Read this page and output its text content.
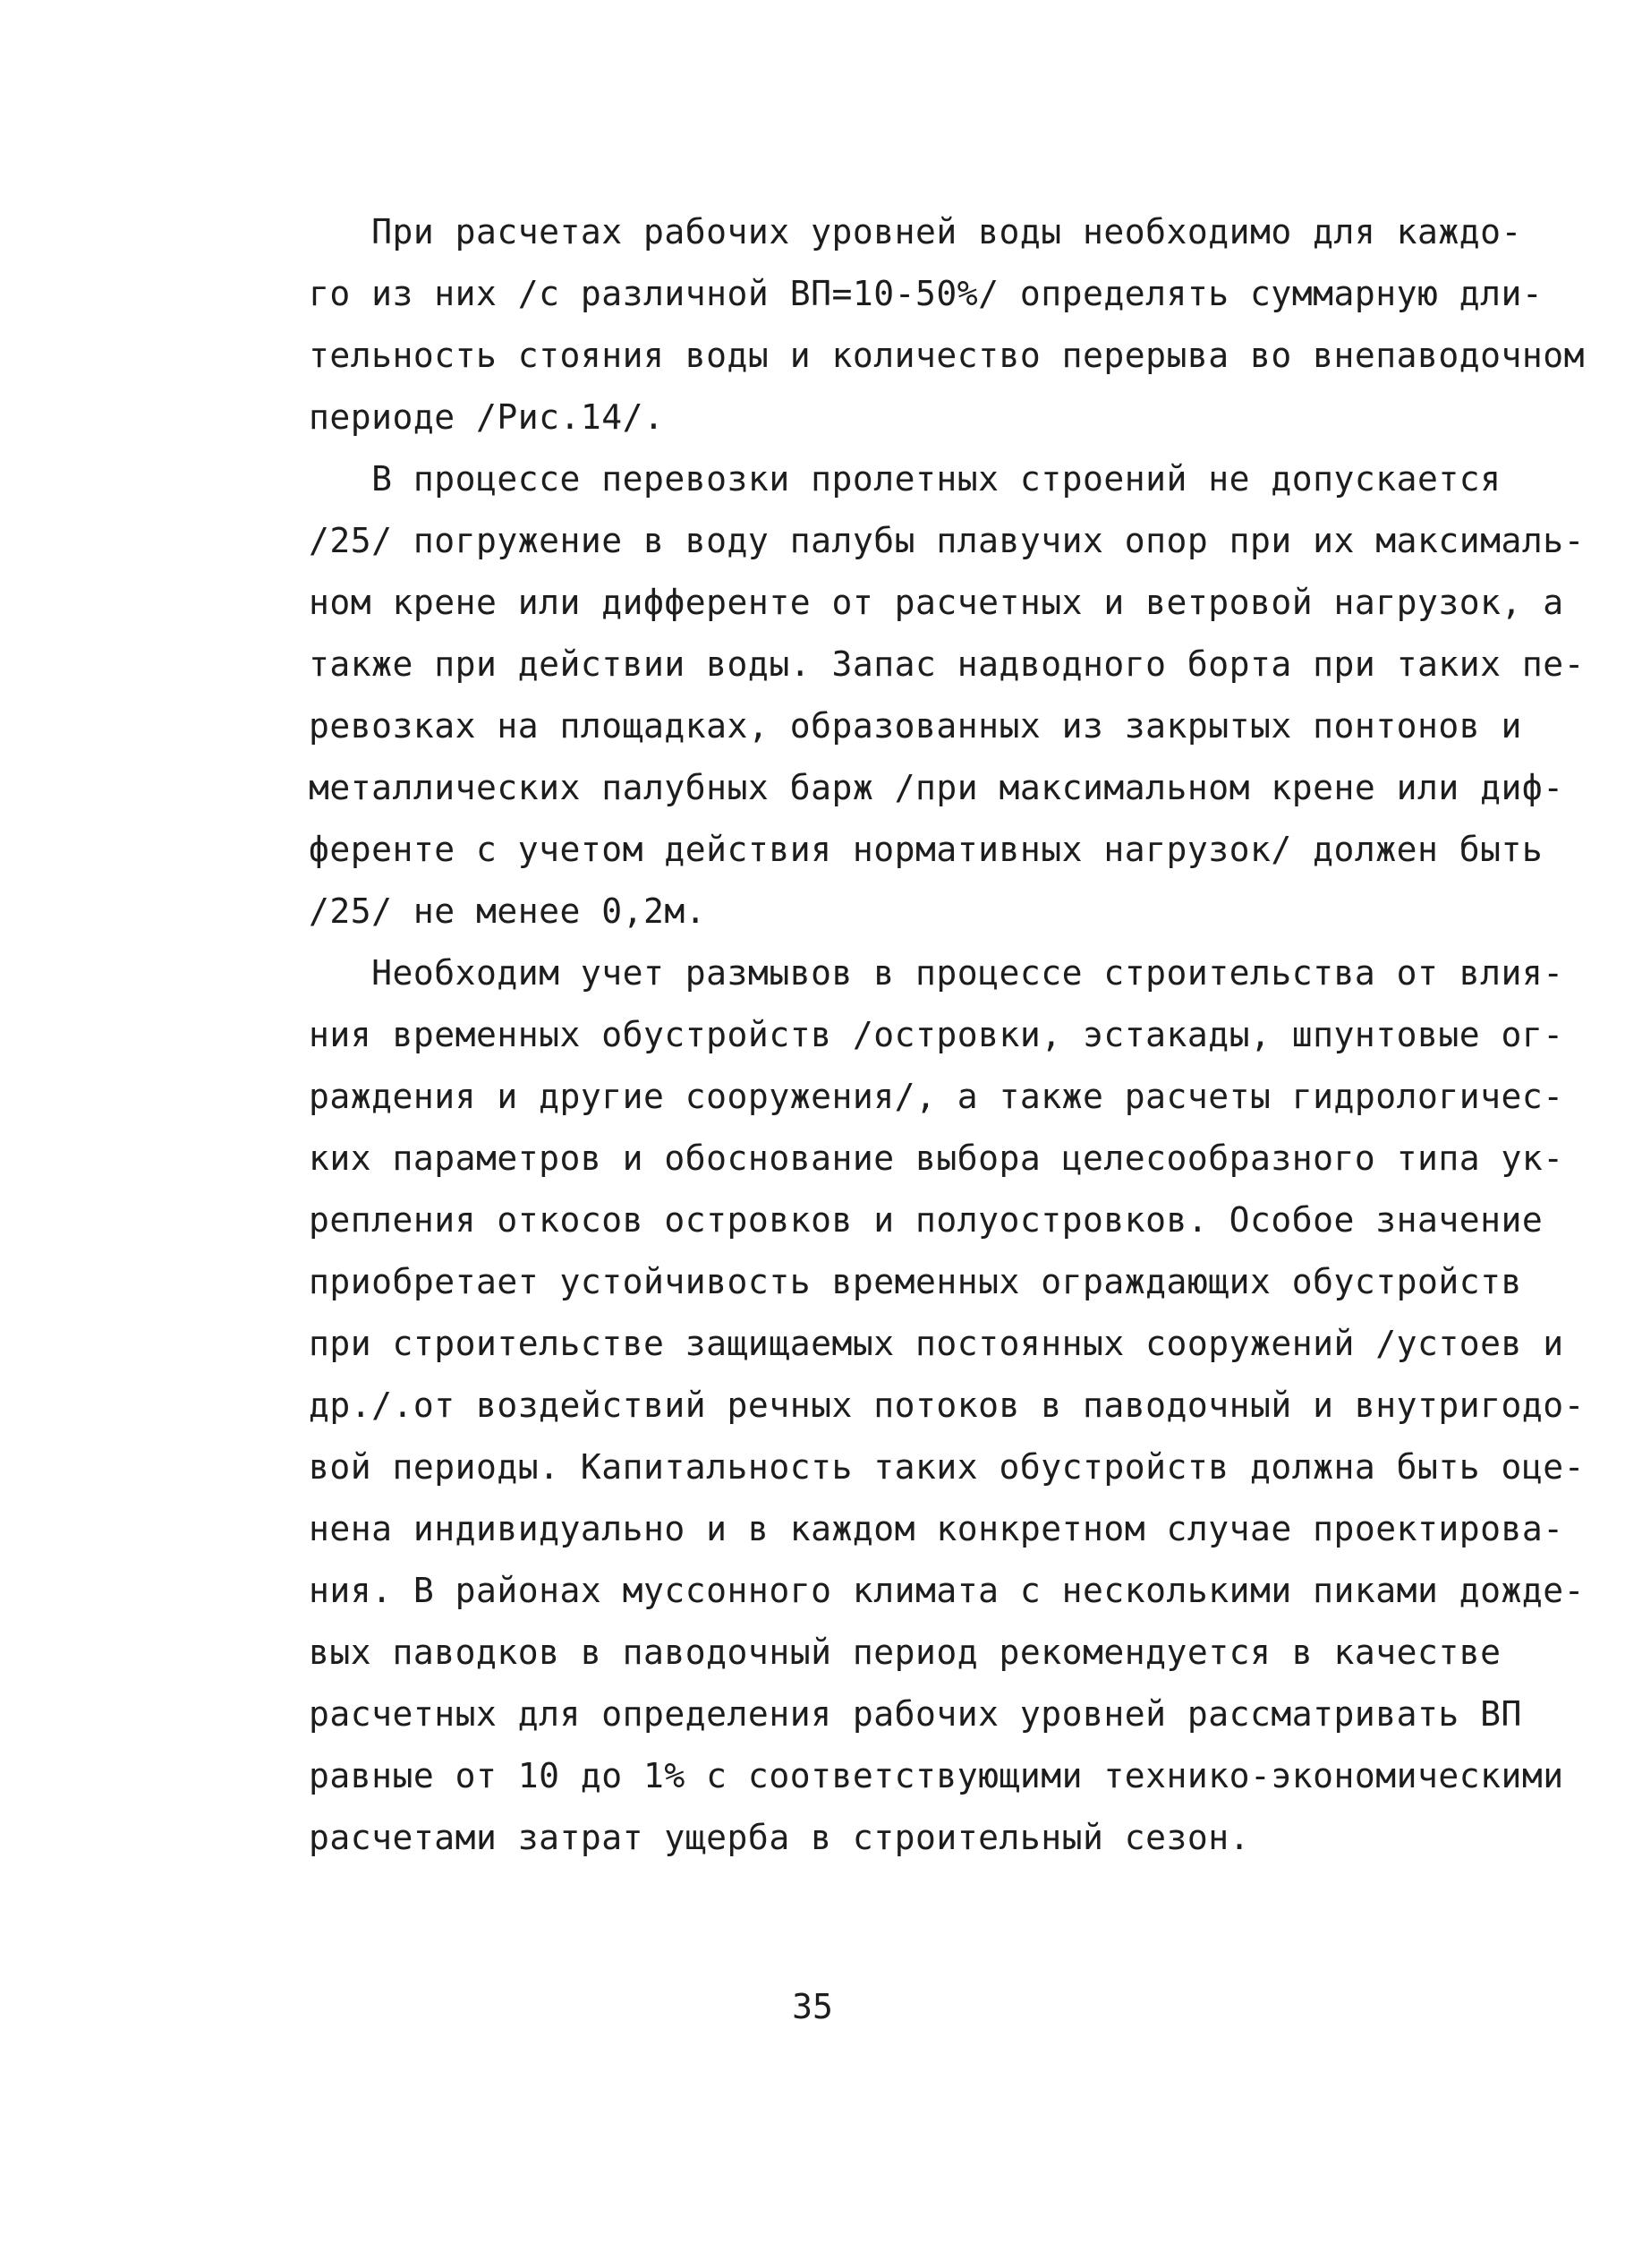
При расчетах рабочих уровней воды необходимо для каждо-
го из них /с различной ВП=10-50%/ определять суммарную дли-
тельность стояния воды и количество перерыва во внепаводочном
периоде /Рис.14/.
В процессе перевозки пролетных строений не допускается
/25/ погружение в воду палубы плавучих опор при их максималь-
ном крене или дифференте от расчетных и ветровой нагрузок, а
также при действии воды. Запас надводного борта при таких пе-
ревозках на площадках, образованных из закрытых понтонов и
металлических палубных барж /при максимальном крене или диф-
ференте с учетом действия нормативных нагрузок/ должен быть
/25/ не менее 0,2м.
Необходим учет размывов в процессе строительства от влия-
ния временных обустройств /островки, эстакады, шпунтовые ог-
раждения и другие сооружения/, а также расчеты гидрологичес-
ких параметров и обоснование выбора целесообразного типа ук-
репления откосов островков и полуостровков. Особое значение
приобретает устойчивость временных ограждающих обустройств
при строительстве защищаемых постоянных сооружений /устоев и
др./.от воздействий речных потоков в паводочный и внутригодо-
вой периоды. Капитальность таких обустройств должна быть оце-
нена индивидуально и в каждом конкретном случае проектирова-
ния. В районах муссонного климата с несколькими пиками дожде-
вых паводков в паводочный период рекомендуется в качестве
расчетных для определения рабочих уровней рассматривать ВП
равные от 10 до 1% с соответствующими технико-экономическими
расчетами затрат ущерба в строительный сезон.
35
